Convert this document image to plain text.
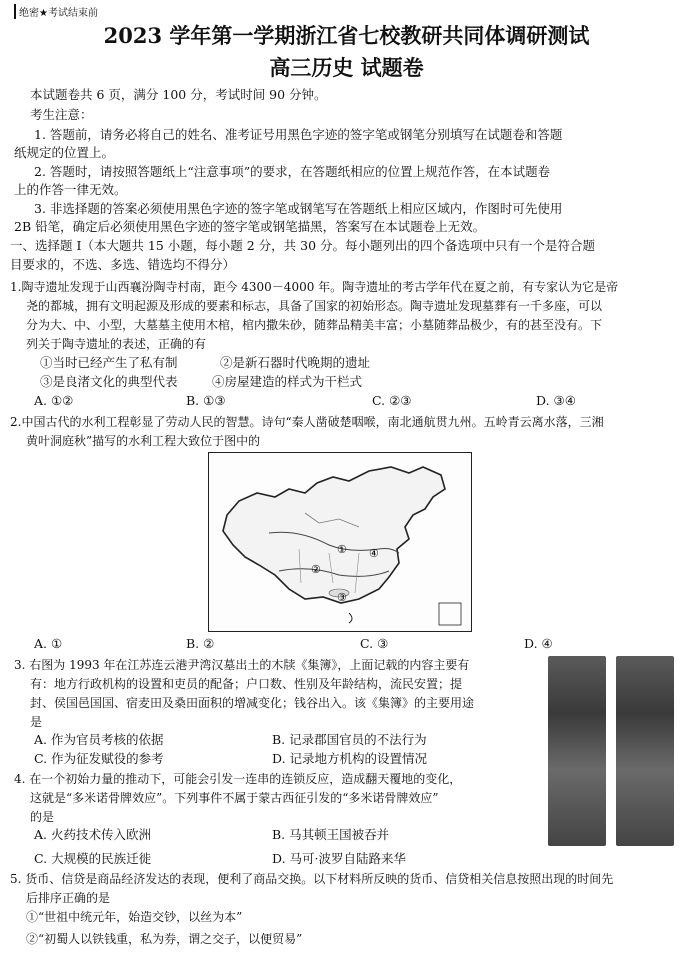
绝密★考试结束前
2023 学年第一学期浙江省七校教研共同体调研测试
高三历史 试题卷
本试题卷共 6 页，满分 100 分，考试时间 90 分钟。
考生注意：
1. 答题前，请务必将自己的姓名、准考证号用黑色字迹的签字笔或钢笔分别填写在试题卷和答题
纸规定的位置上。
2. 答题时，请按照答题纸上“注意事项”的要求，在答题纸相应的位置上规范作答，在本试题卷
上的作答一律无效。
3. 非选择题的答案必须使用黑色字迹的签字笔或钢笔写在答题纸上相应区域内，作图时可先使用
2B 铅笔，确定后必须使用黑色字迹的签字笔或钢笔描黑，答案写在本试题卷上无效。
一、选择题 I（本大题共 15 小题，每小题 2 分，共 30 分。每小题列出的四个备选项中只有一个是符合题
目要求的，不选、多选、错选均不得分）
1.陶寺遗址发现于山西襄汾陶寺村南，距今 4300－4000 年。陶寺遗址的考古学年代在夏之前，有专家认为它是帝
尧的都城，拥有文明起源及形成的要素和标志，具备了国家的初始形态。陶寺遗址发现墓葬有一千多座，可以
分为大、中、小型，大墓墓主使用木棺，棺内撒朱砂，随葬品精美丰富；小墓随葬品极少，有的甚至没有。下
列关于陶寺遗址的表述，正确的有
①当时已经产生了私有制	②是新石器时代晚期的遗址
③是良渚文化的典型代表	④房屋建造的样式为干栏式
A. ①②	B. ①③	C. ②③	D. ③④
2.中国古代的水利工程彰显了劳动人民的智慧。诗句“秦人凿破楚咽喉，南北通航贯九州。五岭青云离水落，三湘
黄叶洞庭秋”描写的水利工程大致位于图中的
①
②
③
④
A. ①	B. ②	C. ③	D. ④
3. 右图为 1993 年在江苏连云港尹湾汉墓出土的木牍《集簿》，上面记载的内容主要有
有：地方行政机构的设置和吏员的配备；户口数、性别及年龄结构，流民安置；提
封、侯国邑国国、宿麦田及桑田面积的增减变化；钱谷出入。该《集簿》的主要用途
是
A. 作为官员考核的依据	B. 记录郡国官员的不法行为
C. 作为征发赋役的参考	D. 记录地方机构的设置情况
4. 在一个初始力量的推动下，可能会引发一连串的连锁反应，造成翻天覆地的变化，
这就是“多米诺骨牌效应”。下列事件不属于蒙古西征引发的“多米诺骨牌效应”
的是
A. 火药技术传入欧洲	B. 马其顿王国被吞并
C. 大规模的民族迁徙	D. 马可·波罗自陆路来华
5. 货币、信贷是商品经济发达的表现，便利了商品交换。以下材料所反映的货币、信贷相关信息按照出现的时间先
后排序正确的是
①“世祖中统元年，始造交钞，以丝为本”
②“初蜀人以铁钱重，私为券，谓之交子，以便贸易”
